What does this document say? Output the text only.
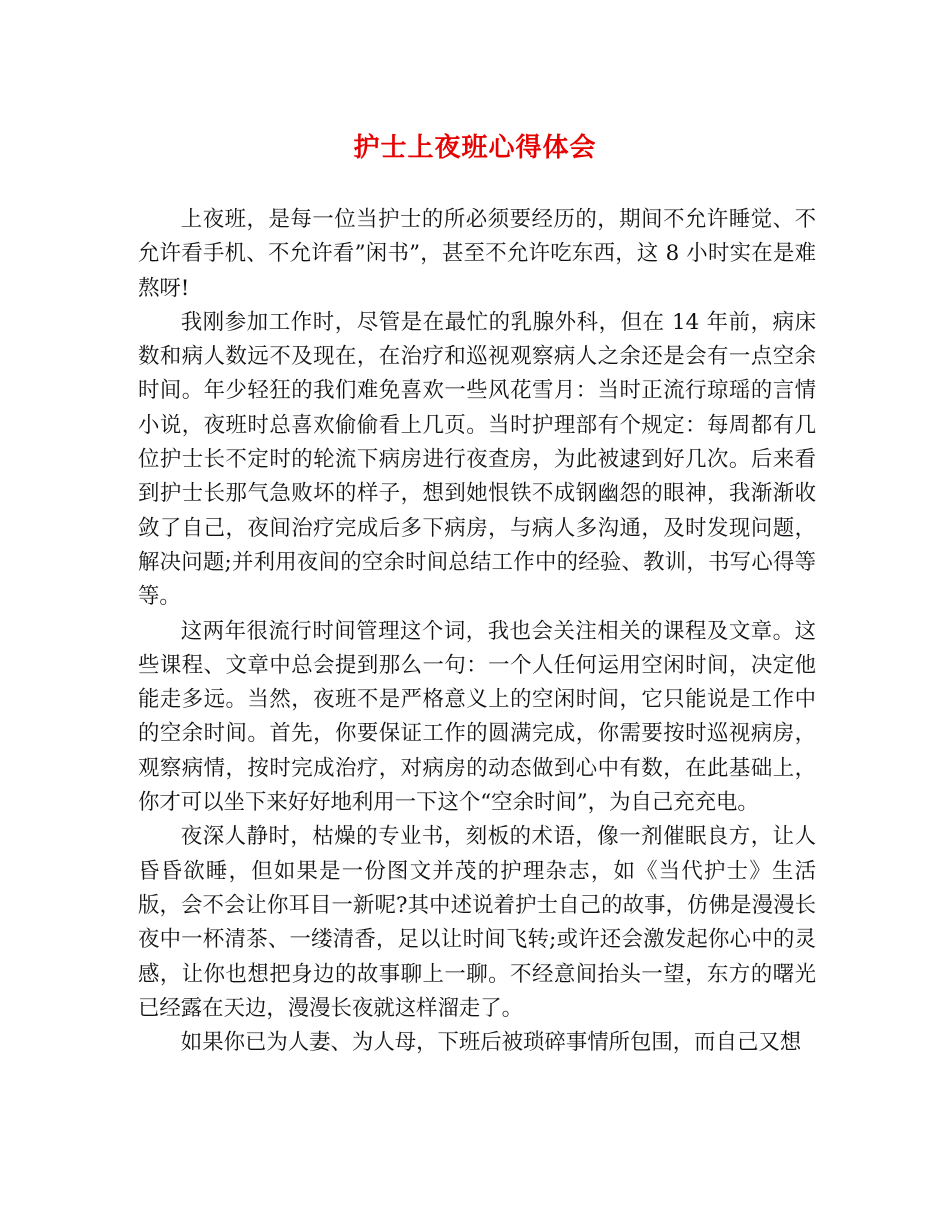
护士上夜班心得体会

上夜班，是每一位当护士的所必须要经历的，期间不允许睡觉、不允许看手机、不允许看”闲书”，甚至不允许吃东西，这 8 小时实在是难熬呀!

我刚参加工作时，尽管是在最忙的乳腺外科，但在 14 年前，病床数和病人数远不及现在，在治疗和巡视观察病人之余还是会有一点空余时间。年少轻狂的我们难免喜欢一些风花雪月：当时正流行琼瑶的言情小说，夜班时总喜欢偷偷看上几页。当时护理部有个规定：每周都有几位护士长不定时的轮流下病房进行夜查房，为此被逮到好几次。后来看到护士长那气急败坏的样子，想到她恨铁不成钢幽怨的眼神，我渐渐收敛了自己，夜间治疗完成后多下病房，与病人多沟通，及时发现问题，解决问题;并利用夜间的空余时间总结工作中的经验、教训，书写心得等等。

这两年很流行时间管理这个词，我也会关注相关的课程及文章。这些课程、文章中总会提到那么一句：一个人任何运用空闲时间，决定他能走多远。当然，夜班不是严格意义上的空闲时间，它只能说是工作中的空余时间。首先，你要保证工作的圆满完成，你需要按时巡视病房，观察病情，按时完成治疗，对病房的动态做到心中有数，在此基础上，你才可以坐下来好好地利用一下这个“空余时间”，为自己充充电。

夜深人静时，枯燥的专业书，刻板的术语，像一剂催眠良方，让人昏昏欲睡，但如果是一份图文并茂的护理杂志，如《当代护士》生活版，会不会让你耳目一新呢?其中述说着护士自己的故事，仿佛是漫漫长夜中一杯清茶、一缕清香，足以让时间飞转;或许还会激发起你心中的灵感，让你也想把身边的故事聊上一聊。不经意间抬头一望，东方的曙光已经露在天边，漫漫长夜就这样溜走了。

如果你已为人妻、为人母，下班后被琐碎事情所包围，而自己又想
